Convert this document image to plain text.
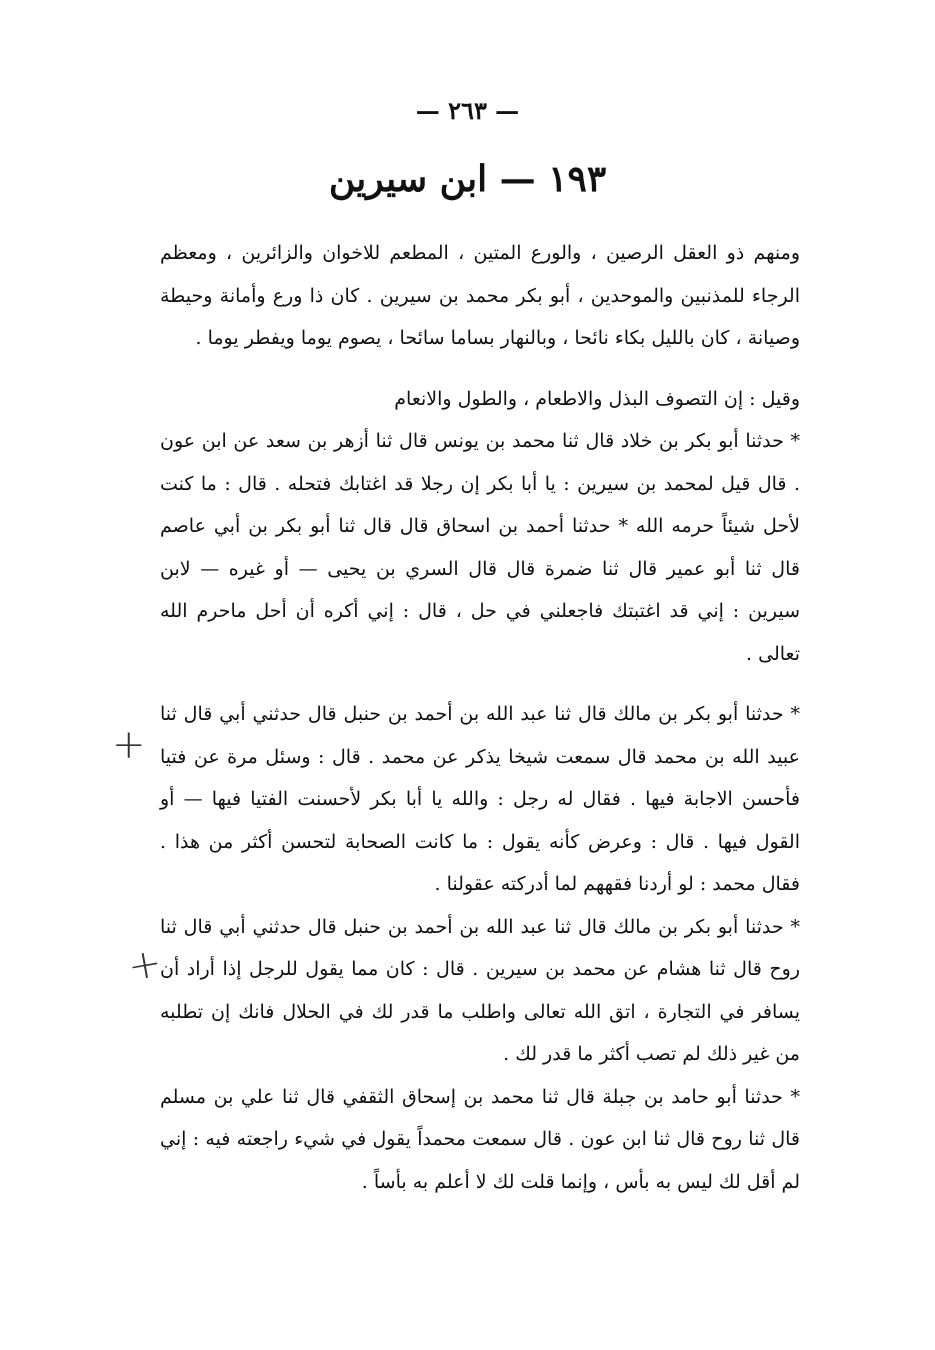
— ٢٦٣ —
١٩٣ — ابن سيرين

ومنهم ذو العقل الرصين ، والورع المتين ، المطعم للاخوان والزائرين ، ومعظم الرجاء للمذنبين والموحدين ، أبو بكر محمد بن سيرين . كان ذا ورع وأمانة وحيطة وصيانة ، كان بالليل بكاء نائحا ، وبالنهار بساما سائحا ، يصوم يوما ويفطر يوما .

وقيل : إن التصوف البذل والاطعام ، والطول والانعام

* حدثنا أبو بكر بن خلاد قال ثنا محمد بن يونس قال ثنا أزهر بن سعد عن ابن عون . قال قيل لمحمد بن سيرين : يا أبا بكر إن رجلا قد اغتابك فتحله . قال : ما كنت لأحل شيئاً حرمه الله * حدثنا أحمد بن اسحاق قال قال ثنا أبو بكر بن أبي عاصم قال ثنا أبو عمير قال ثنا ضمرة قال قال السري بن يحيى — أو غيره — لابن سيرين : إني قد اغتبتك فاجعلني في حل ، قال : إني أكره أن أحل ماحرم الله تعالى .

* حدثنا أبو بكر بن مالك قال ثنا عبد الله بن أحمد بن حنبل قال حدثني أبي قال ثنا عبيد الله بن محمد قال سمعت شيخا يذكر عن محمد . قال : وسئل مرة عن فتيا فأحسن الاجابة فيها . فقال له رجل : والله يا أبا بكر لأحسنت الفتيا فيها — أو القول فيها . قال : وعرض كأنه يقول : ما كانت الصحابة لتحسن أكثر من هذا . فقال محمد : لو أردنا فقههم لما أدركته عقولنا .

* حدثنا أبو بكر بن مالك قال ثنا عبد الله بن أحمد بن حنبل قال حدثني أبي قال ثنا روح قال ثنا هشام عن محمد بن سيرين . قال : كان مما يقول للرجل إذا أراد أن يسافر في التجارة ، اتق الله تعالى واطلب ما قدر لك في الحلال فانك إن تطلبه من غير ذلك لم تصب أكثر ما قدر لك .

* حدثنا أبو حامد بن جبلة قال ثنا محمد بن إسحاق الثقفي قال ثنا علي بن مسلم قال ثنا روح قال ثنا ابن عون . قال سمعت محمداً يقول في شيء راجعته فيه : إني لم أقل لك ليس به بأس ، وإنما قلت لك لا أعلم به بأساً .

+
+
